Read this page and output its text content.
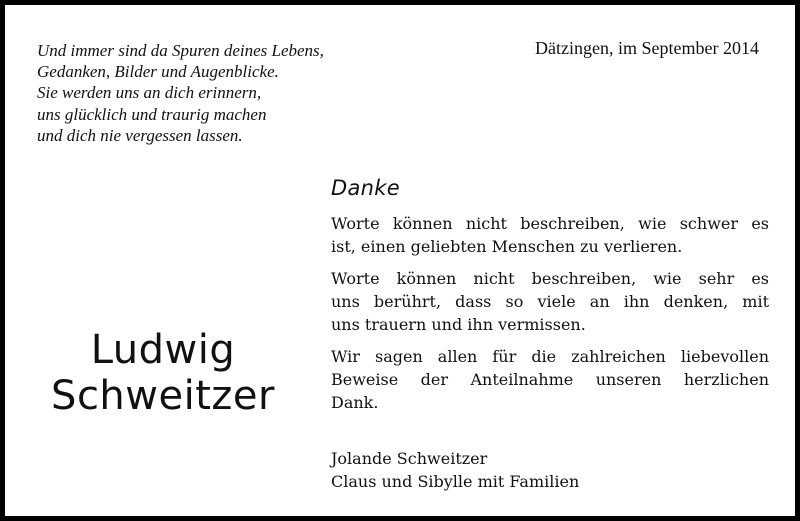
Und immer sind da Spuren deines Lebens,
Gedanken, Bilder und Augenblicke.
Sie werden uns an dich erinnern,
uns glücklich und traurig machen
und dich nie vergessen lassen.

Dätzingen, im September 2014
Ludwig
Schweitzer
Danke

Worte können nicht beschreiben, wie schwer es
ist, einen geliebten Menschen zu verlieren.

Worte können nicht beschreiben, wie sehr es
uns berührt, dass so viele an ihn denken, mit
uns trauern und ihn vermissen.

Wir sagen allen für die zahlreichen liebevollen
Beweise der Anteilnahme unseren herzlichen
Dank.

Jolande Schweitzer
Claus und Sibylle mit Familien
